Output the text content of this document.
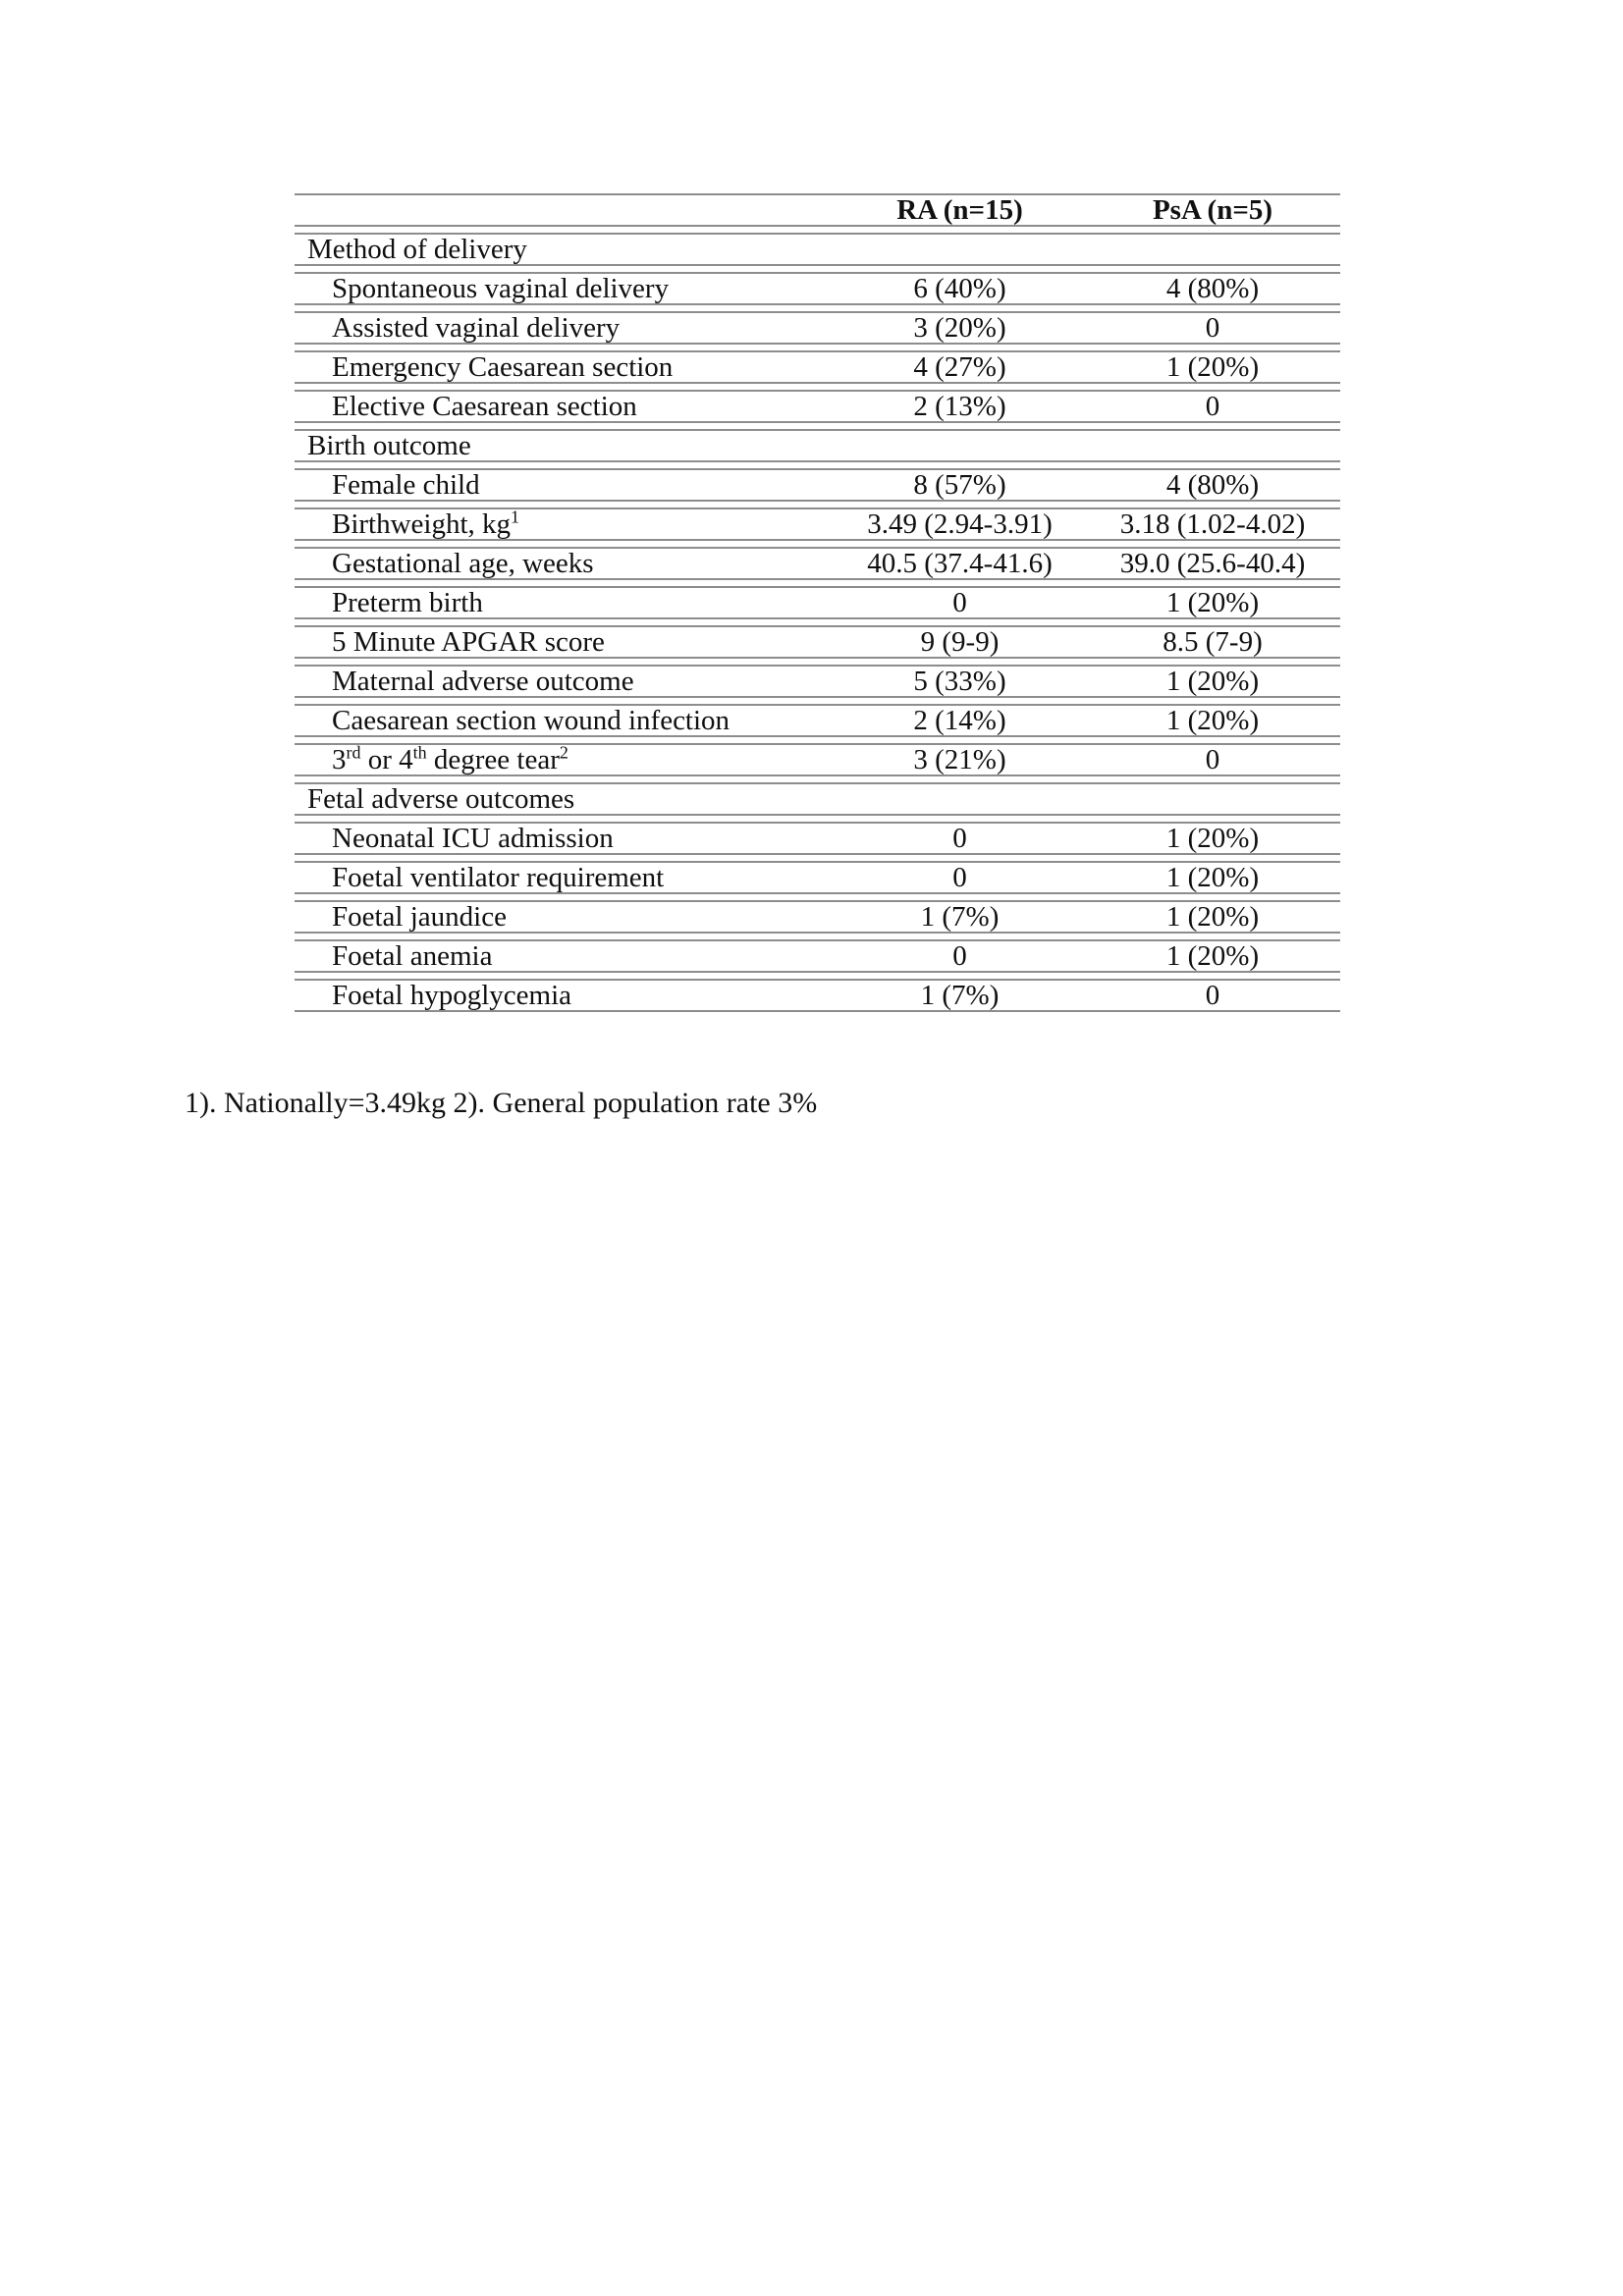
	RA (n=15)	PsA (n=5)
Method of delivery		
Spontaneous vaginal delivery	6 (40%)	4 (80%)
Assisted vaginal delivery	3 (20%)	0
Emergency Caesarean section	4 (27%)	1 (20%)
Elective Caesarean section	2 (13%)	0
Birth outcome		
Female child	8 (57%)	4 (80%)
Birthweight, $kg^1$	3.49 (2.94-3.91)	3.18 (1.02-4.02)
Gestational age, weeks	40.5 (37.4-41.6)	39.0 (25.6-40.4)
Preterm birth	0	1 (20%)
5 Minute APGAR score	9 (9-9)	8.5 (7-9)
Maternal adverse outcome	5 (33%)	1 (20%)
Caesarean section wound infection	2 (14%)	1 (20%)
3rd or 4th degree tear$^2$	3 (21%)	0
Fetal adverse outcomes		
Neonatal ICU admission	0	1 (20%)
Foetal ventilator requirement	0	1 (20%)
Foetal jaundice	1 (7%)	1 (20%)
Foetal anemia	0	1 (20%)
Foetal hypoglycemia	1 (7%)	0

1). Nationally=3.49kg 2). General population rate 3%
